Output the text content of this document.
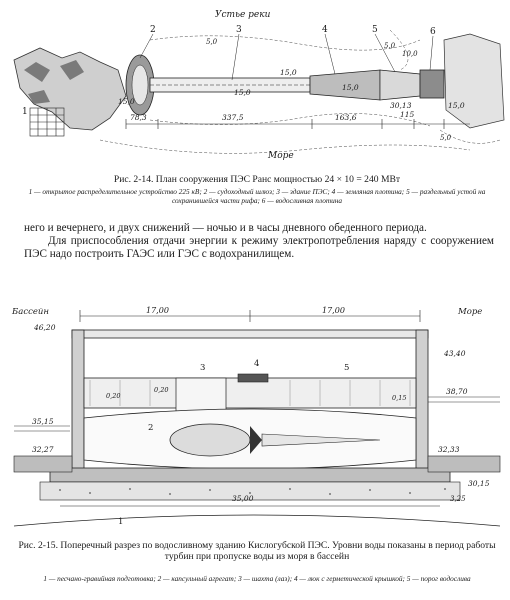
Устье реки
Море
1
2	3	4	5	6
15,0
15,0
15,0
15,0
15,0
10,0
5,0	5,0
5,0
78,3	337,5	163,6
30,13
115
Рис. 2-14. План сооружения ПЭС Ранс мощностью 24 × 10 = 240 МВт
1 — открытое распределительное устройство 225 кВ; 2 — судоходный шлюз; 3 — здание ПЭС; 4 — земляная плотина; 5 — раздельный устой на сохранившейся части рифа; 6 — водосливная плотина

него и вечернего, и двух снижений — ночью и в часы дневного обеденного периода.

Для приспособления отдачи энергии к режиму электропотребления наряду с сооружением ПЭС надо построить ГАЭС или ГЭС с водохранилищем.

17,00	17,00
Бассейн	Море
46,20
43,40
38,70
35,15
32,27	32,33
30,15
0,20
0,20	0,15
35,00	3,25
1
2
3	4	5
Рис. 2-15. Поперечный разрез по водосливному зданию Кислогубской ПЭС. Уровни воды показаны в период работы турбин при пропуске воды из моря в бассейн
1 — песчано-гравийная подготовка; 2 — капсульный агрегат; 3 — шахта (лаз); 4 — люк с герметической крышкой; 5 — порог водослива
